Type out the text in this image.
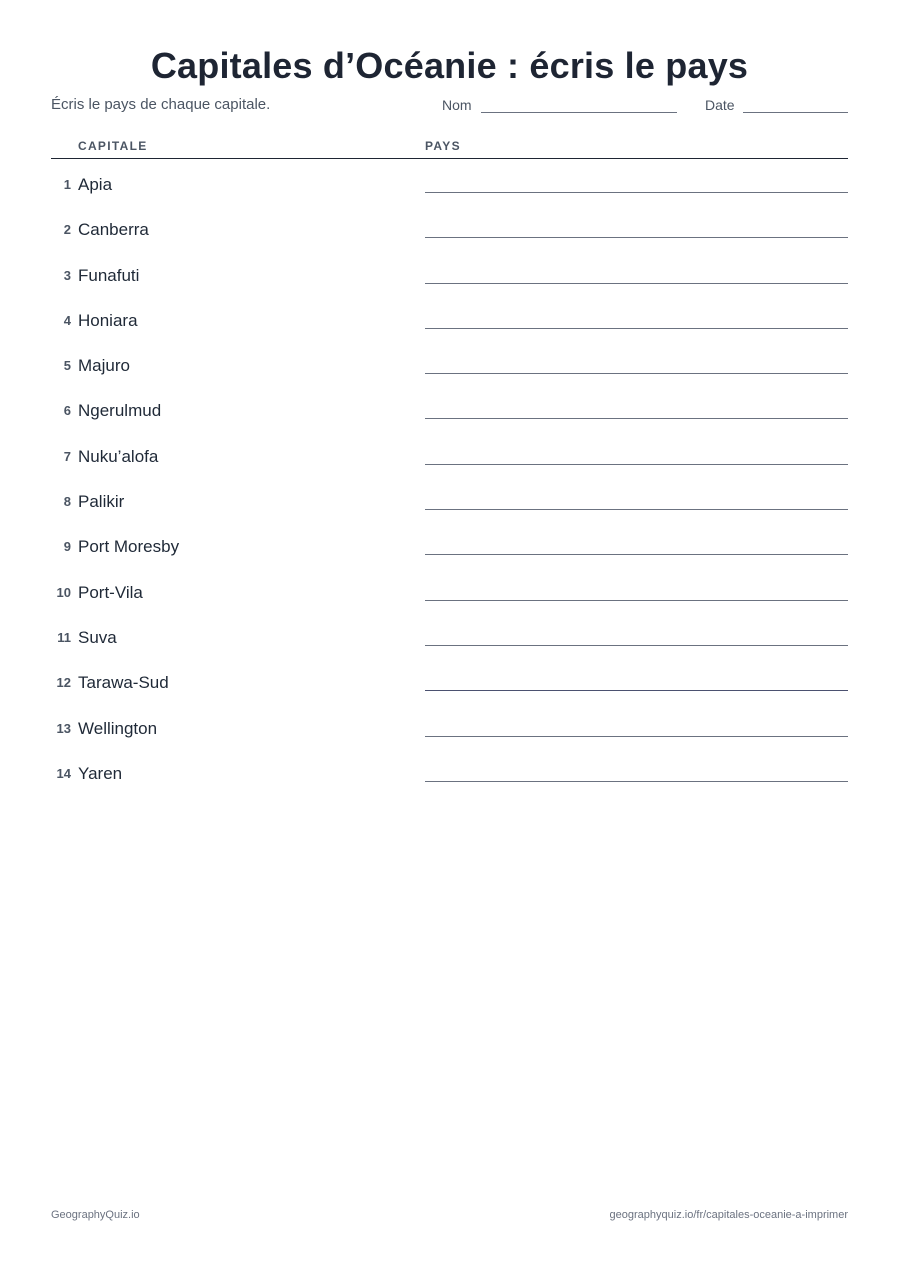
Capitales d’Océanie : écris le pays
Écris le pays de chaque capitale.	Nom	Date
CAPITALE	PAYS
1 Apia
2 Canberra
3 Funafuti
4 Honiara
5 Majuro
6 Ngerulmud
7 Nuku’alofa
8 Palikir
9 Port Moresby
10 Port-Vila
11 Suva
12 Tarawa-Sud
13 Wellington
14 Yaren
GeographyQuiz.io	geographyquiz.io/fr/capitales-oceanie-a-imprimer
